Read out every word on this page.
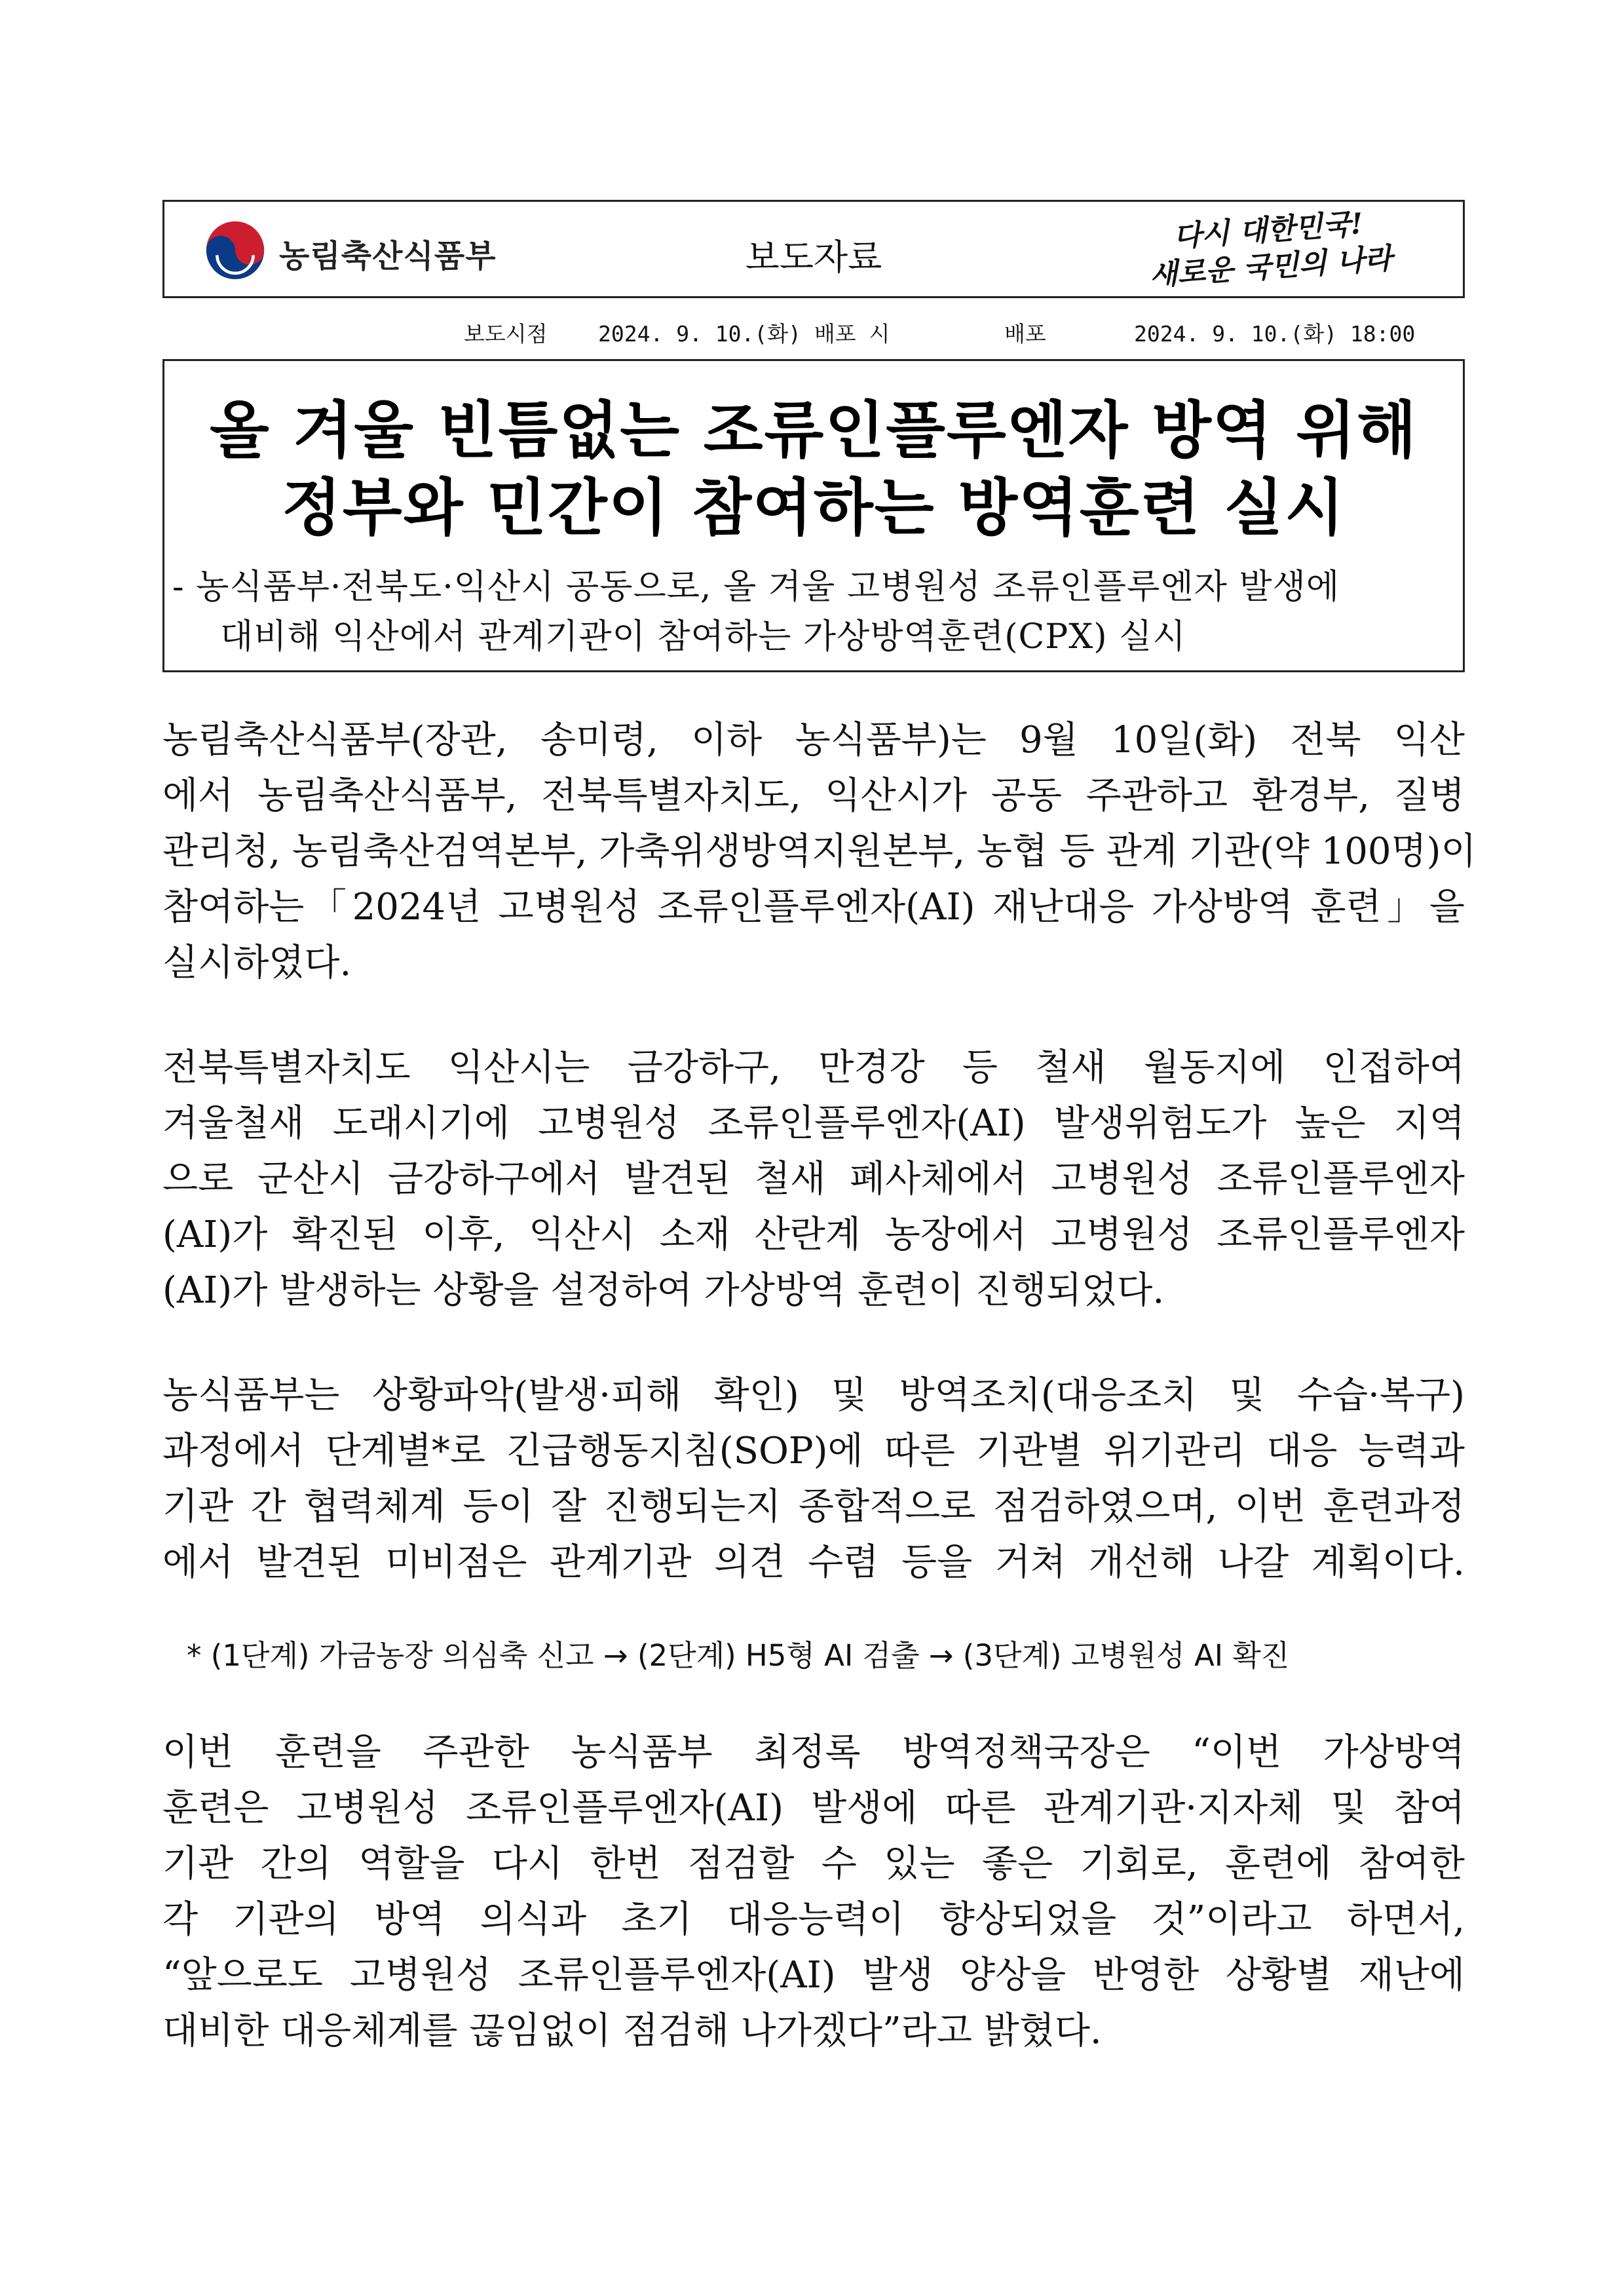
농림축산식품부	보도자료
다시 대한민국!
새로운 국민의 나라
보도시점 2024. 9. 10.(화) 배포 시	배포	2024. 9. 10.(화) 18:00
올 겨울 빈틈없는 조류인플루엔자 방역 위해
정부와 민간이 참여하는 방역훈련 실시
- 농식품부·전북도·익산시 공동으로, 올 겨울 고병원성 조류인플루엔자 발생에
대비해 익산에서 관계기관이 참여하는 가상방역훈련(CPX) 실시
농림축산식품부(장관, 송미령, 이하 농식품부)는 9월 10일(화) 전북 익산
에서 농림축산식품부, 전북특별자치도, 익산시가 공동 주관하고 환경부, 질병
관리청, 농림축산검역본부, 가축위생방역지원본부, 농협 등 관계 기관(약 100명)이
참여하는「2024년 고병원성 조류인플루엔자(AI) 재난대응 가상방역 훈련」을
실시하였다.
전북특별자치도 익산시는 금강하구, 만경강 등 철새 월동지에 인접하여
겨울철새 도래시기에 고병원성 조류인플루엔자(AI) 발생위험도가 높은 지역
으로 군산시 금강하구에서 발견된 철새 폐사체에서 고병원성 조류인플루엔자
(AI)가 확진된 이후, 익산시 소재 산란계 농장에서 고병원성 조류인플루엔자
(AI)가 발생하는 상황을 설정하여 가상방역 훈련이 진행되었다.
농식품부는 상황파악(발생·피해 확인) 및 방역조치(대응조치 및 수습·복구)
과정에서 단계별*로 긴급행동지침(SOP)에 따른 기관별 위기관리 대응 능력과
기관 간 협력체계 등이 잘 진행되는지 종합적으로 점검하였으며, 이번 훈련과정
에서 발견된 미비점은 관계기관 의견 수렴 등을 거쳐 개선해 나갈 계획이다.
* (1단계) 가금농장 의심축 신고 → (2단계) H5형 AI 검출 → (3단계) 고병원성 AI 확진
이번 훈련을 주관한 농식품부 최정록 방역정책국장은 “이번 가상방역
훈련은 고병원성 조류인플루엔자(AI) 발생에 따른 관계기관·지자체 및 참여
기관 간의 역할을 다시 한번 점검할 수 있는 좋은 기회로, 훈련에 참여한
각 기관의 방역 의식과 초기 대응능력이 향상되었을 것”이라고 하면서,
“앞으로도 고병원성 조류인플루엔자(AI) 발생 양상을 반영한 상황별 재난에
대비한 대응체계를 끊임없이 점검해 나가겠다”라고 밝혔다.
